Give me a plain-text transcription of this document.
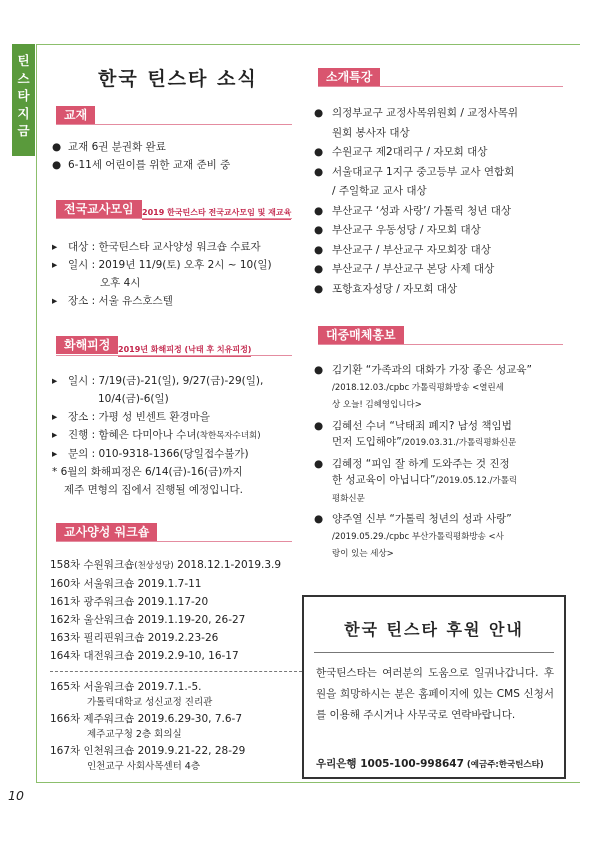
틴
스
타
지
금
한국 틴스타 소식
교재
● 교재 6권 분권화 완료
● 6-11세 어린이를 위한 교재 준비 중
전국교사모임	2019 한국틴스타 전국교사모임 및 재교육
▸ 대상 : 한국틴스타 교사양성 워크숍 수료자
▸ 일시 : 2019년 11/9(토) 오후 2시 ~ 10(일)
오후 4시
▸ 장소 : 서울 유스호스텔
화해피정 2019년 화해피정 (낙태 후 치유피정)
▸ 일시 : 7/19(금)-21(일), 9/27(금)-29(일),
10/4(금)-6(일)
▸ 장소 : 가평 성 빈센트 환경마을
▸ 진행 : 함혜은 다미아나 수녀(착한목자수녀회)
▸ 문의 : 010-9318-1366(당일접수불가)
* 6월의 화해피정은 6/14(금)-16(금)까지
제주 면형의 집에서 진행될 예정입니다.
교사양성 워크숍
158차 수원워크숍(천상성당) 2018.12.1-2019.3.9
160차 서울워크숍 2019.1.7-11
161차 광주워크숍 2019.1.17-20
162차 울산워크숍 2019.1.19-20, 26-27
163차 필리핀워크숍 2019.2.23-26
164차 대전워크숍 2019.2.9-10, 16-17
165차 서울워크숍 2019.7.1.-5.
가톨릭대학교 성신교정 진리관
166차 제주워크숍 2019.6.29-30, 7.6-7
제주교구청 2층 회의실
167차 인천워크숍 2019.9.21-22, 28-29
인천교구 사회사목센터 4층
소개특강
● 의정부교구 교정사목위원회 / 교정사목위
원회 봉사자 대상
● 수원교구 제2대리구 / 자모회 대상
● 서울대교구 1지구 중고등부 교사 연합회
/ 주일학교 교사 대상
● 부산교구 ‘성과 사랑’/ 가톨릭 청년 대상
● 부산교구 우동성당 / 자모회 대상
● 부산교구 / 부산교구 자모회장 대상
● 부산교구 / 부산교구 본당 사제 대상
● 포항효자성당 / 자모회 대상
대중매체홍보
● 김기환 “가족과의 대화가 가장 좋은 성교육”
/2018.12.03./cpbc 가톨릭평화방송 <열린세
상 오늘! 김혜영입니다>
● 김혜선 수녀 “낙태죄 폐지? 남성 책임법
먼저 도입해야”/2019.03.31./가톨릭평화신문
● 김혜정 “피임 잘 하게 도와주는 것 진정
한 성교육이 아닙니다”/2019.05.12./가톨릭
평화신문
● 양주열 신부 “가톨릭 청년의 성과 사랑”
/2019.05.29./cpbc 부산가톨릭평화방송 <사
랑이 있는 세상>
한국 틴스타 후원 안내
한국틴스타는 여러분의 도움으로 일궈나갑니다. 후원을 희망하시는 분은 홈페이지에 있는 CMS 신청서를 이용해 주시거나 사무국로 연락바랍니다.
우리은행 1005-100-998647 (예금주:한국틴스타)
10
